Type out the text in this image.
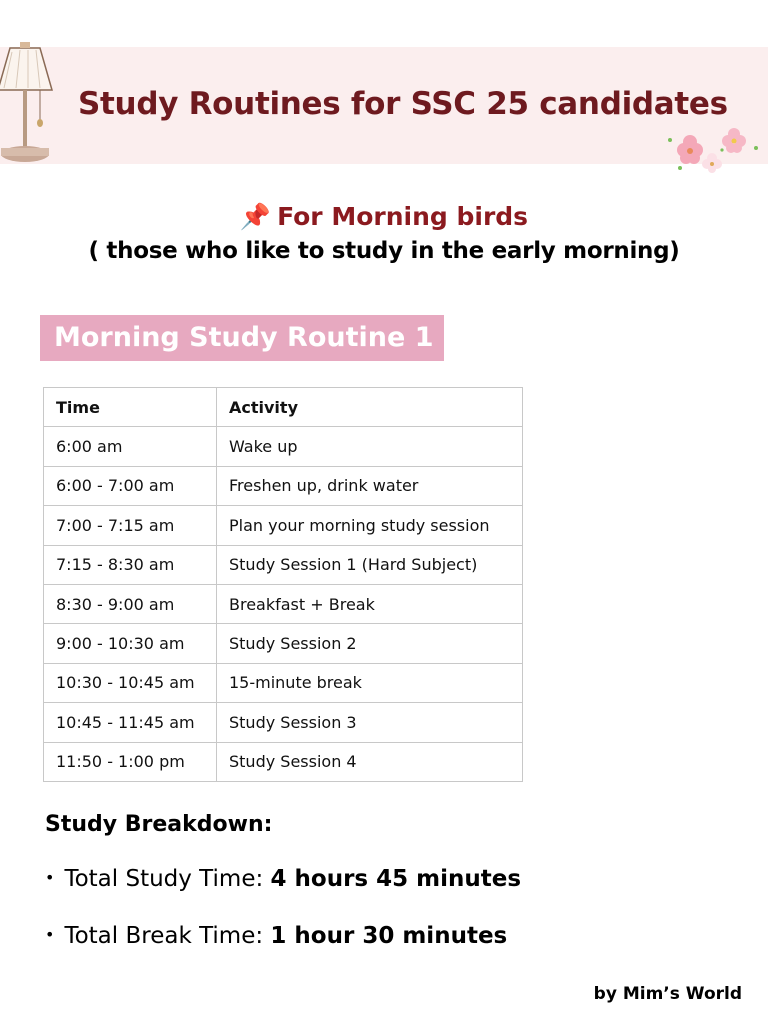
Study Routines for SSC 25 candidates
📌 For Morning birds
( those who like to study in the early morning)
Morning Study Routine 1
Time	Activity
6:00 am	Wake up
6:00 - 7:00 am	Freshen up, drink water
7:00 - 7:15 am	Plan your morning study session
7:15 - 8:30 am	Study Session 1 (Hard Subject)
8:30 - 9:00 am	Breakfast + Break
9:00 - 10:30 am	Study Session 2
10:30 - 10:45 am	15-minute break
10:45 - 11:45 am	Study Session 3
11:50 - 1:00 pm	Study Session 4
Study Breakdown:
• Total Study Time: 4 hours 45 minutes
• Total Break Time: 1 hour 30 minutes
by Mim’s World
